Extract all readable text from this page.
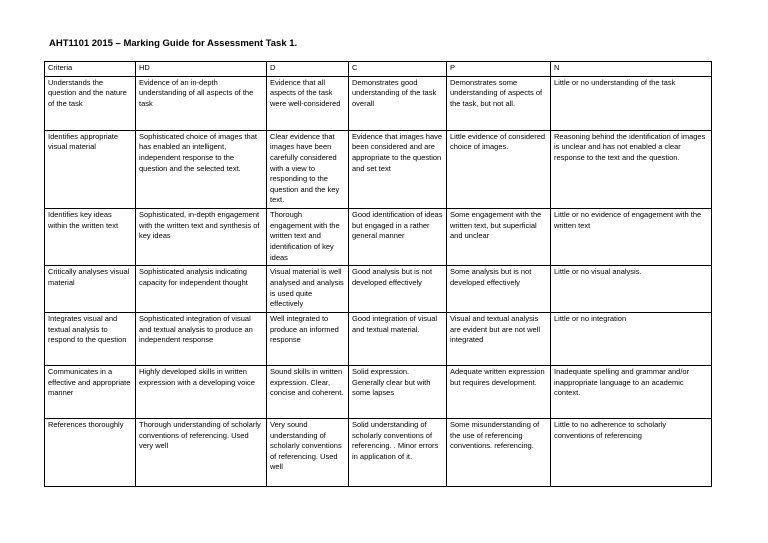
AHT1101 2015 – Marking Guide for Assessment Task 1.
Criteria	HD	D	C	P	N
Understands the question and the nature of the task	Evidence of an in-depth understanding of all aspects of the task	Evidence that all aspects of the task were well-considered	Demonstrates good understanding of the task overall	Demonstrates some understanding of aspects of the task, but not all.	Little or no understanding of the task
Identifies appropriate visual material	Sophisticated choice of images that has enabled an intelligent, independent response to the question and the selected text.	Clear evidence that images have been carefully considered with a view to responding to the question and the key text.	Evidence that images have been considered and are appropriate to the question and set text	Little evidence of considered choice of images.	Reasoning behind the identification of images is unclear and has not enabled a clear response to the text and the question.
Identifies key ideas within the written text	Sophisticated, in-depth engagement with the written text and synthesis of key ideas	Thorough engagement with the written text and identification of key ideas	Good identification of ideas but engaged in a rather general manner	Some engagement with the written text, but superficial and unclear	Little or no evidence of engagement with the written text
Critically analyses visual material	Sophisticated analysis indicating capacity for independent thought	Visual material is well analysed and analysis is used quite effectively	Good analysis but is not developed effectively	Some analysis but is not developed effectively	Little or no visual analysis.
Integrates visual and textual analysis to respond to the question	Sophisticated integration of visual and textual analysis to produce an independent response	Well integrated to produce an informed response	Good integration of visual and textual material.	Visual and textual analysis are evident but are not well integrated	Little or no integration
Communicates in a effective and appropriate manner	Highly developed skills in written expression with a developing voice	Sound skills in written expression. Clear, concise and coherent.	Solid expression. Generally clear but with some lapses	Adequate written expression but requires development.	Inadequate spelling and grammar and/or inappropriate language to an academic context.
References thoroughly	Thorough understanding of scholarly conventions of referencing. Used very well	Very sound understanding of scholarly conventions of referencing. Used well	Solid understanding of scholarly conventions of referencing. . Minor errors in application of it.	Some misunderstanding of the use of referencing conventions. referencing.	Little to no adherence to scholarly conventions of referencing
